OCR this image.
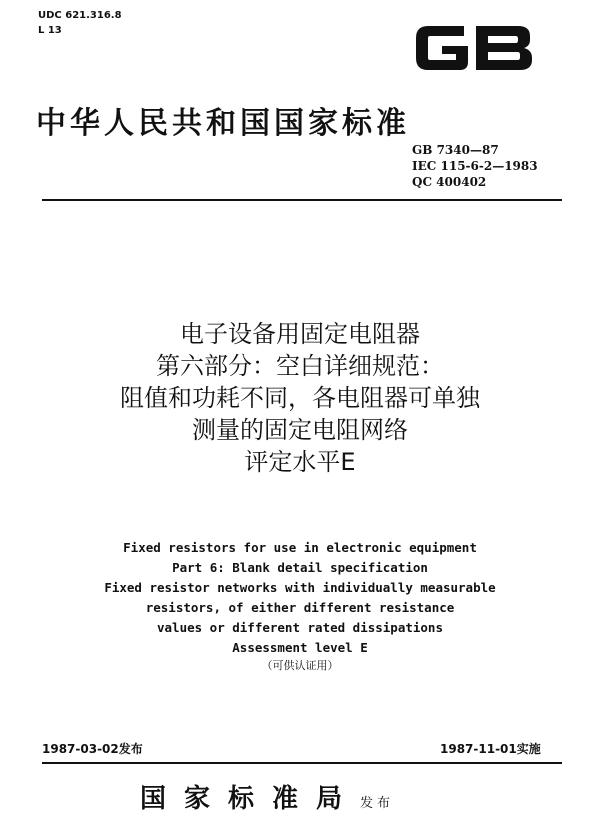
UDC 621.316.8
L 13
中华人民共和国国家标准
GB 7340—87
IEC 115-6-2—1983
QC 400402
电子设备用固定电阻器
第六部分：空白详细规范：
阻值和功耗不同，各电阻器可单独
测量的固定电阻网络
评定水平E
Fixed resistors for use in electronic equipment
Part 6: Blank detail specification
Fixed resistor networks with individually measurable
resistors, of either different resistance
values or different rated dissipations
Assessment level E
（可供认证用）
1987-03-02发布	1987-11-01实施
国家标准局发布
